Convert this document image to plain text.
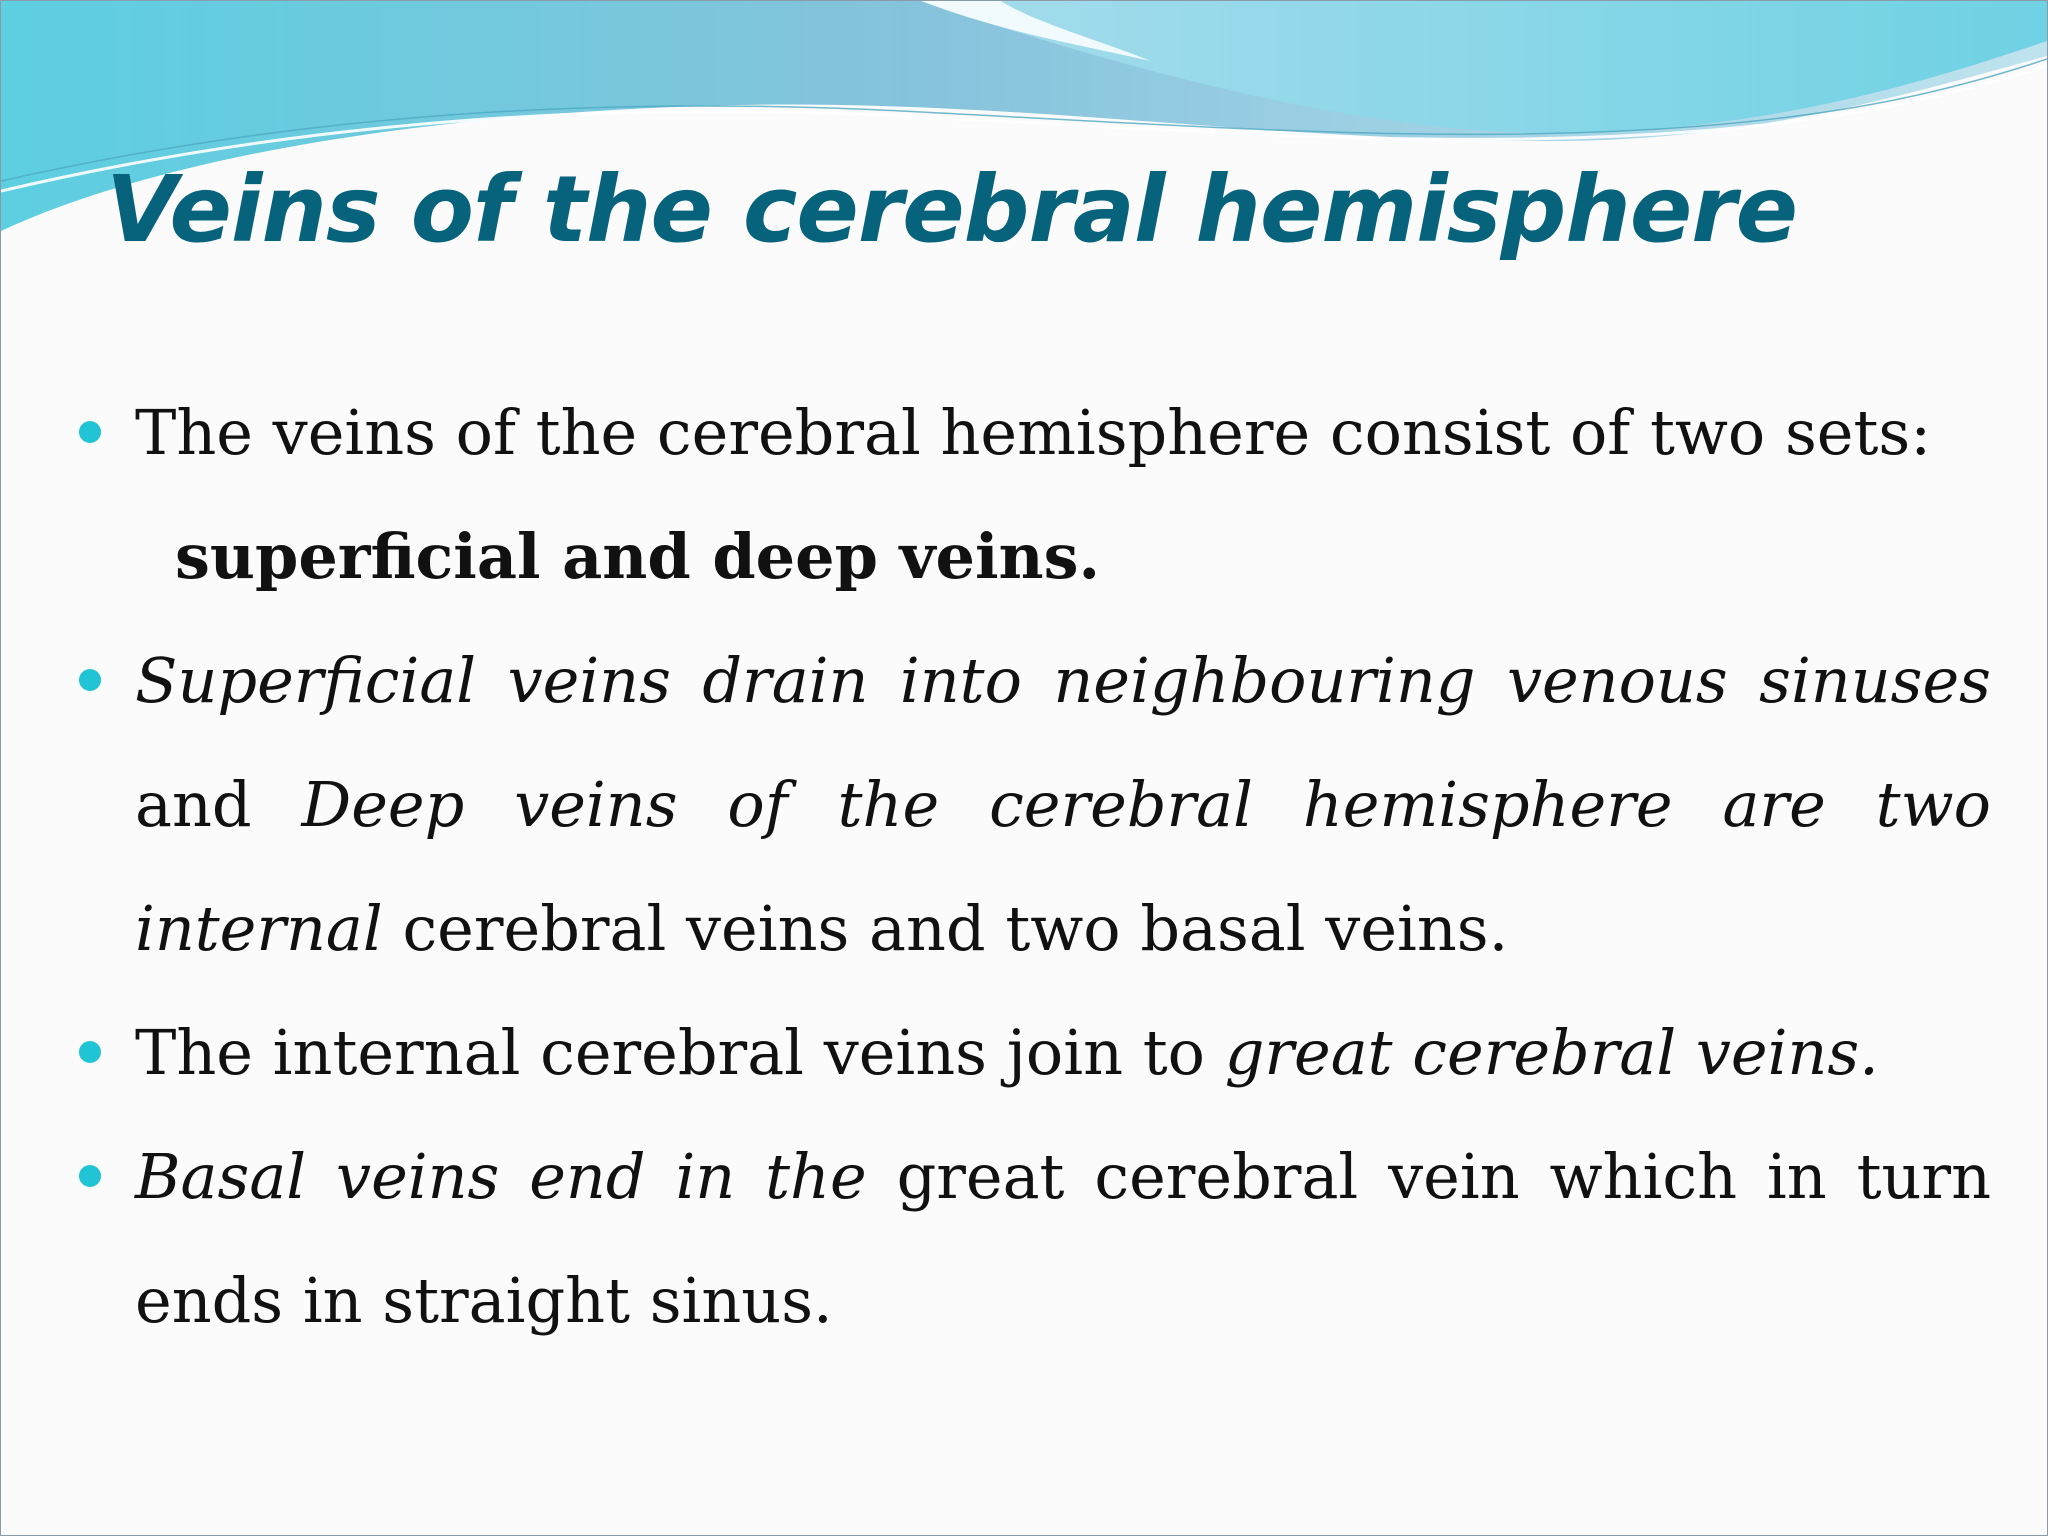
Veins of the cerebral hemisphere
The veins of the cerebral hemisphere consist of two sets:
superficial and deep veins.
Superficial veins drain into neighbouring venous sinuses and Deep veins of the cerebral hemisphere are two internal cerebral veins and two basal veins.
The internal cerebral veins join to great cerebral veins.
Basal veins end in the great cerebral vein which in turn ends in straight sinus.
